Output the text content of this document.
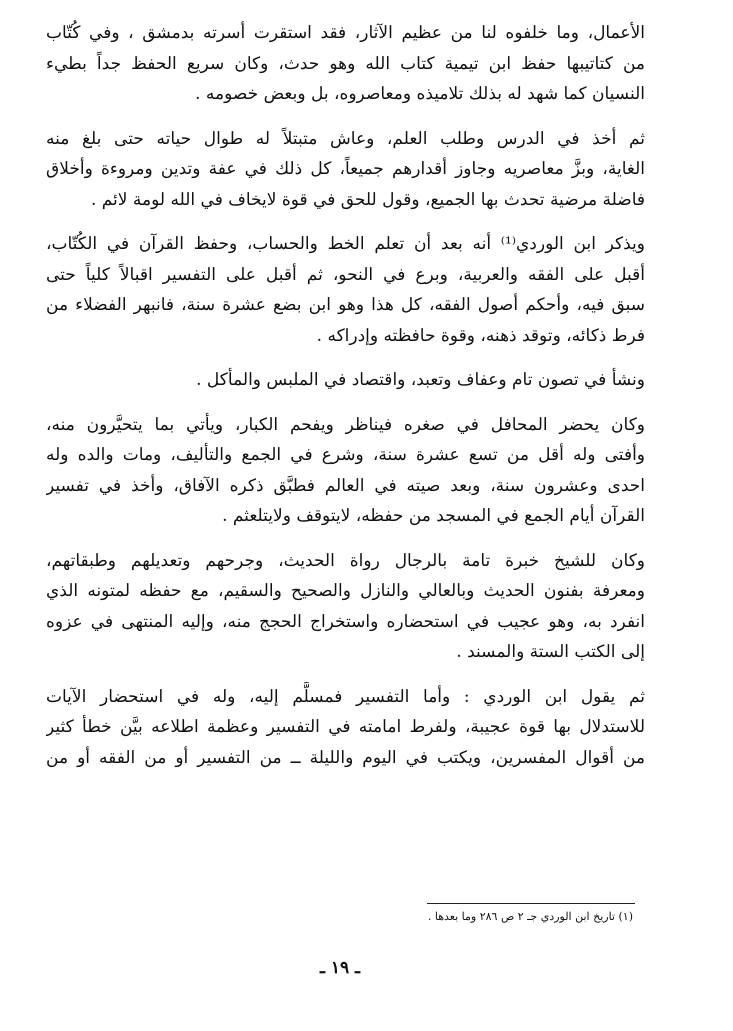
الأعمال، وما خلفوه لنا من عظيم الآثار، فقد استقرت أسرته بدمشق ، وفي كُتّاب
من كتاتيبها حفظ ابن تيمية كتاب الله وهو حدث، وكان سريع الحفظ جداً بطيء
النسيان كما شهد له بذلك تلاميذه ومعاصروه، بل وبعض خصومه .
ثم أخذ في الدرس وطلب العلم، وعاش متبتلاً له طوال حياته حتى بلغ منه
الغاية، وبزَّ معاصريه وجاوز أقدارهم جميعاً، كل ذلك في عفة وتدين ومروءة وأخلاق
فاضلة مرضية تحدث بها الجميع، وقول للحق في قوة لايخاف في الله لومة لائم .
ويذكر ابن الوردي⁽¹⁾ أنه بعد أن تعلم الخط والحساب، وحفظ القرآن في الكُتّاب،
أقبل على الفقه والعربية، وبرع في النحو، ثم أقبل على التفسير اقبالاً كلياً حتى
سبق فيه، وأحكم أصول الفقه، كل هذا وهو ابن بضع عشرة سنة، فانبهر الفضلاء من
فرط ذكائه، وتوقد ذهنه، وقوة حافظته وإدراكه .
ونشأ في تصون تام وعفاف وتعبد، واقتصاد في الملبس والمأكل .
وكان يحضر المحافل في صغره فيناظر ويفحم الكبار، ويأتي بما يتحيَّرون منه،
وأفتى وله أقل من تسع عشرة سنة، وشرع في الجمع والتأليف، ومات والده وله
احدى وعشرون سنة، وبعد صيته في العالم فطبَّق ذكره الآفاق، وأخذ في تفسير
القرآن أيام الجمع في المسجد من حفظه، لايتوقف ولايتلعثم .
وكان للشيخ خبرة تامة بالرجال رواة الحديث، وجرحهم وتعديلهم وطبقاتهم،
ومعرفة بفنون الحديث وبالعالي والنازل والصحيح والسقيم، مع حفظه لمتونه الذي
انفرد به، وهو عجيب في استحضاره واستخراج الحجج منه، وإليه المنتهى في عزوه
إلى الكتب الستة والمسند .
ثم يقول ابن الوردي : وأما التفسير فمسلَّم إليه، وله في استحضار الآيات
للاستدلال بها قوة عجيبة، ولفرط امامته في التفسير وعظمة اطلاعه بيَّن خطأ كثير
من أقوال المفسرين، ويكتب في اليوم والليلة ــ من التفسير أو من الفقه أو من
(١) تاريخ ابن الوردي جـ ٢ ص ٢٨٦ وما بعدها .
ـ ١٩ ـ
